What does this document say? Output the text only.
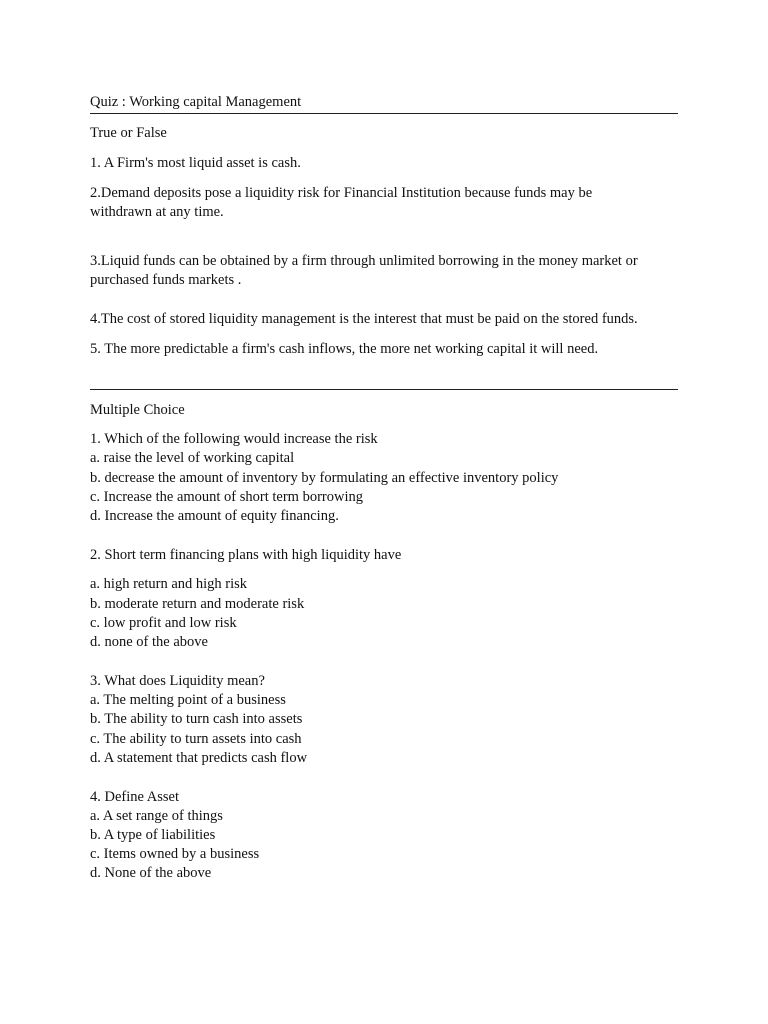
Quiz : Working capital Management
True or False
1. A Firm's most liquid asset is cash.
2.Demand deposits pose a liquidity risk for Financial Institution because funds may be
withdrawn at any time.
3.Liquid funds can be obtained by a firm through unlimited borrowing in the money market or
purchased funds markets .
4.The cost of stored liquidity management is the interest that must be paid on the stored funds.
5. The more predictable a firm's cash inflows, the more net working capital it will need.
Multiple Choice
1. Which of the following would increase the risk
a. raise the level of working capital
b. decrease the amount of inventory by formulating an effective inventory policy
c. Increase the amount of short term borrowing
d. Increase the amount of equity financing.
2. Short term financing plans with high liquidity have
a. high return and high risk
b. moderate return and moderate risk
c. low profit and low risk
d. none of the above
3. What does Liquidity mean?
a. The melting point of a business
b. The ability to turn cash into assets
c. The ability to turn assets into cash
d. A statement that predicts cash flow
4. Define Asset
a. A set range of things
b. A type of liabilities
c. Items owned by a business
d. None of the above
